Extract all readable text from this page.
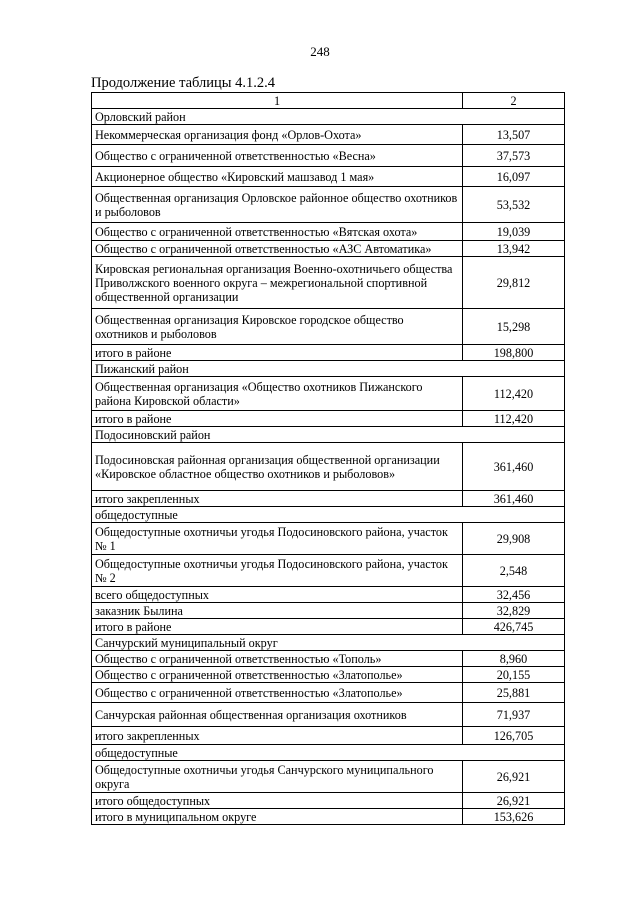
248
Продолжение таблицы 4.1.2.4
1	2
Орловский район	
Некоммерческая организация фонд «Орлов-Охота»	13,507
Общество с ограниченной ответственностью «Весна»	37,573
Акционерное общество «Кировский машзавод 1 мая»	16,097
Общественная организация Орловское районное общество охотников и рыболовов	53,532
Общество с ограниченной ответственностью «Вятская охота»	19,039
Общество с ограниченной ответственностью «АЗС Автоматика»	13,942
Кировская региональная организация Военно-охотничьего общества Приволжского военного округа – межрегиональной спортивной общественной организации	29,812
Общественная организация Кировское городское общество охотников и рыболовов	15,298
итого в районе	198,800
Пижанский район	
Общественная организация «Общество охотников Пижанского района Кировской области»	112,420
итого в районе	112,420
Подосиновский район	
Подосиновская районная организация общественной организации «Кировское областное общество охотников и рыболовов»	361,460
итого закрепленных	361,460
общедоступные	
Общедоступные охотничьи угодья Подосиновского района, участок № 1	29,908
Общедоступные охотничьи угодья Подосиновского района, участок № 2	2,548
всего общедоступных	32,456
заказник Былина	32,829
итого в районе	426,745
Санчурский муниципальный округ	
Общество с ограниченной ответственностью «Тополь»	8,960
Общество с ограниченной ответственностью «Златополье»	20,155
Общество с ограниченной ответственностью «Златополье»	25,881
Санчурская районная общественная организация охотников	71,937
итого закрепленных	126,705
общедоступные	
Общедоступные охотничьи угодья Санчурского муниципального округа	26,921
итого общедоступных	26,921
итого в муниципальном округе	153,626
